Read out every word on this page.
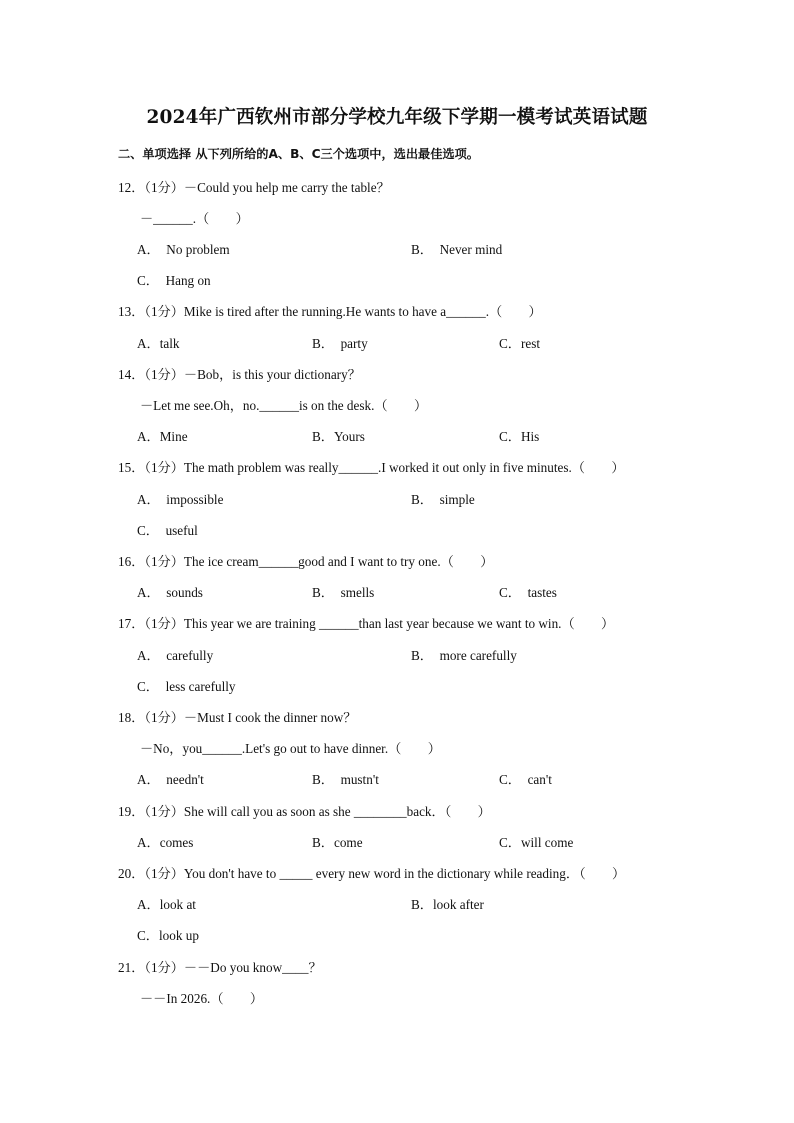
2024年广西钦州市部分学校九年级下学期一模考试英语试题
二、单项选择 从下列所给的A、B、C三个选项中，选出最佳选项。
12．（1分）－Could you help me carry the table？
－______.（　　）
A．  No problem	B．  Never mind
C．  Hang on
13．（1分）Mike is tired after the running.He wants to have a______.（　　）
A．talk	B．  party	C．rest
14．（1分）－Bob，is this your dictionary？
－Let me see.Oh，no.______is on the desk.（　　）
A．Mine	B．Yours	C．His
15．（1分）The math problem was really______.I worked it out only in five minutes.（　　）
A．  impossible	B．  simple
C．  useful
16．（1分）The ice cream______good and I want to try one.（　　）
A．  sounds	B．  smells	C．  tastes
17．（1分）This year we are training ______than last year because we want to win.（　　）
A．  carefully	B．  more carefully
C．  less carefully
18．（1分）－Must I cook the dinner now？
－No，you______.Let's go out to have dinner.（　　）
A．  needn't	B．  mustn't	C．  can't
19．（1分）She will call you as soon as she ________back．（　　）
A．comes	B．come	C．will come
20．（1分）You don't have to _____ every new word in the dictionary while reading．（　　）
A．look at	B．look after
C．look up
21．（1分）－－Do you know____？
－－In 2026.（　　）
